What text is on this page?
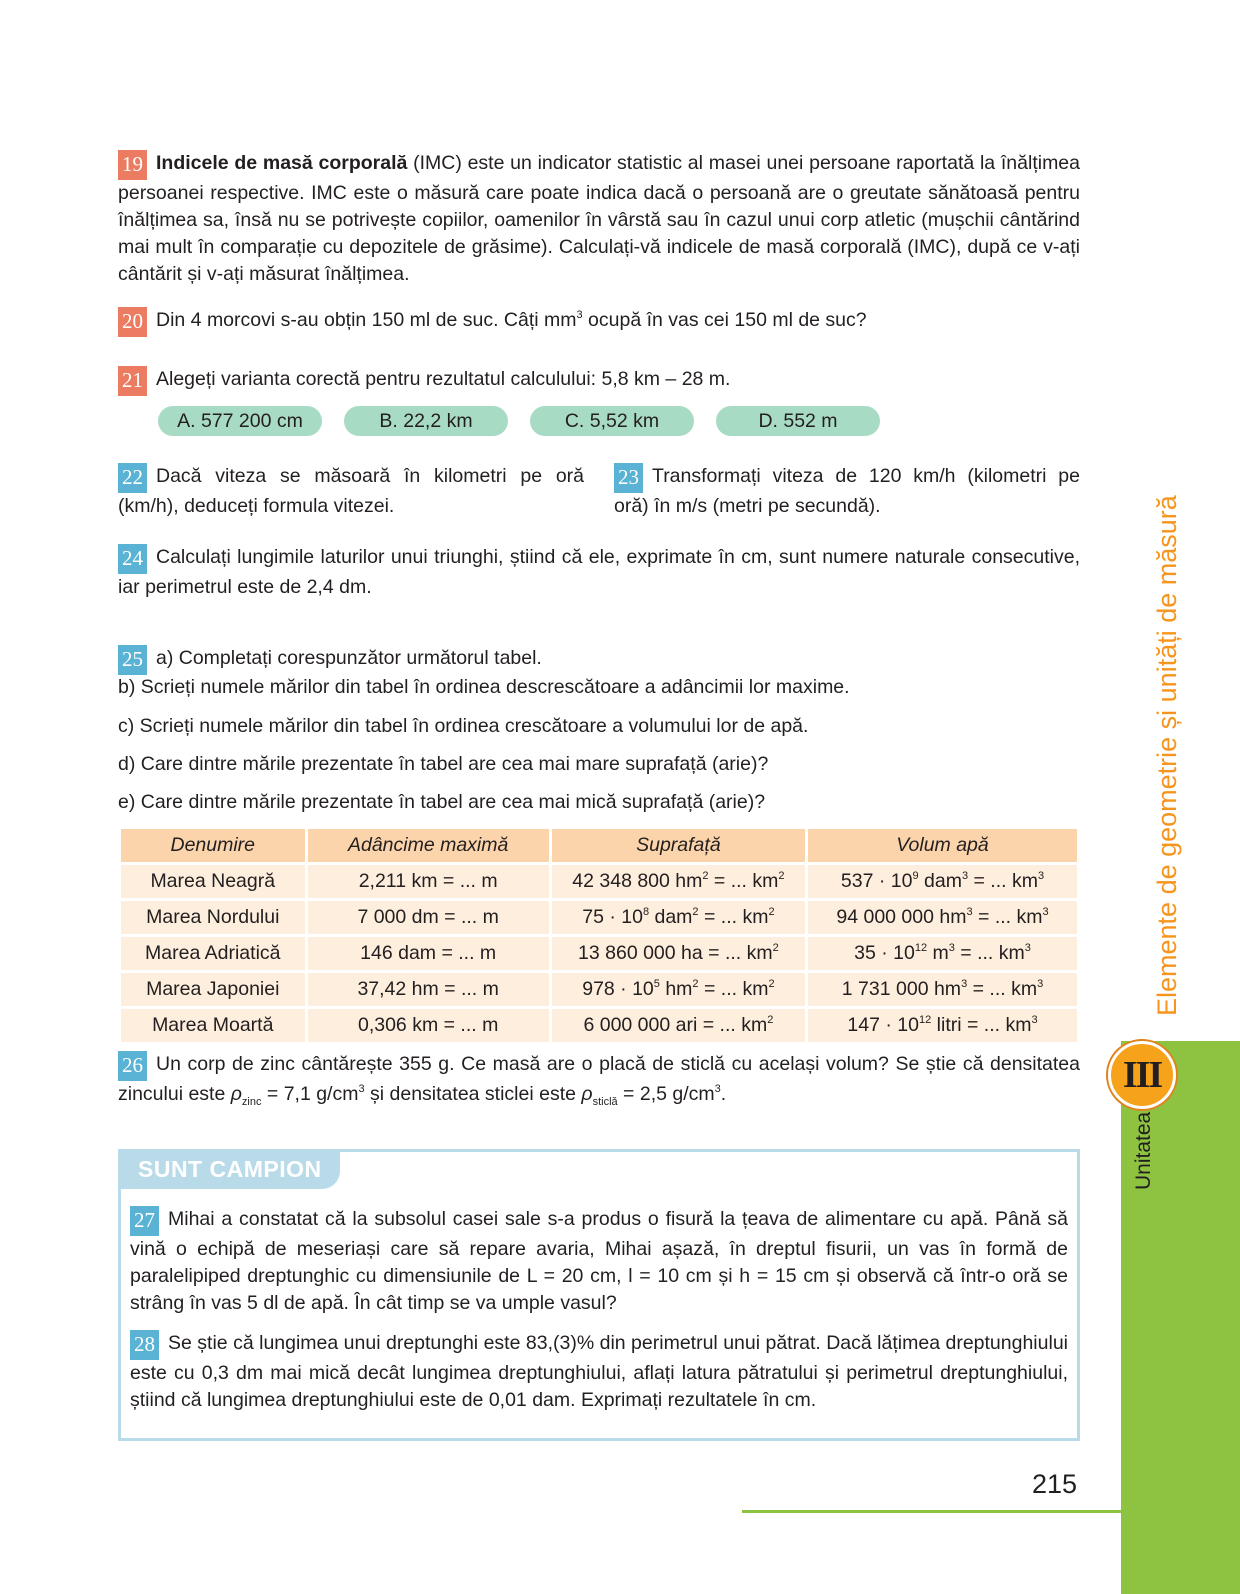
19 Indicele de masă corporală (IMC) este un indicator statistic al masei unei persoane raportată la înălțimea persoanei respective. IMC este o măsură care poate indica dacă o persoană are o greutate sănătoasă pentru înălțimea sa, însă nu se potrivește copiilor, oamenilor în vârstă sau în cazul unui corp atletic (mușchii cântărind mai mult în comparație cu depozitele de grăsime). Calculați-vă indicele de masă corporală (IMC), după ce v-ați cântărit și v-ați măsurat înălțimea.

20 Din 4 morcovi s-au obțin 150 ml de suc. Câți $mm^3$ ocupă în vas cei 150 ml de suc?

21 Alegeți varianta corectă pentru rezultatul calculului: 5,8 km – 28 m.

A. 577 200 cm	B. 22,2 km	C. 5,52 km	D. 552 m

22 Dacă viteza se măsoară în kilometri pe oră (km/h), deduceți formula vitezei.

23 Transformați viteza de 120 km/h (kilometri pe oră) în m/s (metri pe secundă).

24 Calculați lungimile laturilor unui triunghi, știind că ele, exprimate în cm, sunt numere naturale consecutive, iar perimetrul este de 2,4 dm.

25 a) Completați corespunzător următorul tabel.

b) Scrieți numele mărilor din tabel în ordinea descrescătoare a adâncimii lor maxime.

c) Scrieți numele mărilor din tabel în ordinea crescătoare a volumului lor de apă.

d) Care dintre mările prezentate în tabel are cea mai mare suprafață (arie)?

e) Care dintre mările prezentate în tabel are cea mai mică suprafață (arie)?

Denumire	Adâncime maximă	Suprafață	Volum apă
Marea Neagră	2,211 km = ... m	42 348 800 $hm^2$ = ... $km^2$	$537 \cdot 10^9$ dam$^3$ = ... $km^3$
Marea Nordului	7 000 dm = ... m	$75 \cdot 10^8$ dam$^2$ = ... $km^2$	94 000 000 $hm^3$ = ... $km^3$
Marea Adriatică	146 dam = ... m	13 860 000 ha = ... $km^2$	$35 \cdot 10^{12}$ $m^3$ = ... $km^3$
Marea Japoniei	37,42 hm = ... m	$978 \cdot 10^5$ $hm^2$ = ... $km^2$	1 731 000 $hm^3$ = ... $km^3$
Marea Moartă	0,306 km = ... m	6 000 000 ari = ... $km^2$	$147 \cdot 10^{12}$ litri = ... $km^3$

26 Un corp de zinc cântărește 355 g. Ce masă are o placă de sticlă cu același volum? Se știe că densitatea zincului este $\rho_{zinc} = 7,1$ $g/cm^3$ și densitatea sticlei este $\rho_{sticlă} = 2,5$ $g/cm^3$.

SUNT CAMPION

27 Mihai a constatat că la subsolul casei sale s-a produs o fisură la țeava de alimentare cu apă. Până să vină o echipă de meseriași care să repare avaria, Mihai așază, în dreptul fisurii, un vas în formă de paralelipiped dreptunghic cu dimensiunile de L = 20 cm, l = 10 cm și h = 15 cm și observă că într-o oră se strâng în vas 5 dl de apă. În cât timp se va umple vasul?

28 Se știe că lungimea unui dreptunghi este 83,(3)% din perimetrul unui pătrat. Dacă lățimea dreptunghiului este cu 0,3 dm mai mică decât lungimea dreptunghiului, aflați latura pătratului și perimetrul dreptunghiului, știind că lungimea dreptunghiului este de 0,01 dam. Exprimați rezultatele în cm.

Elemente de geometrie și unități de măsură
Unitatea
III
215
